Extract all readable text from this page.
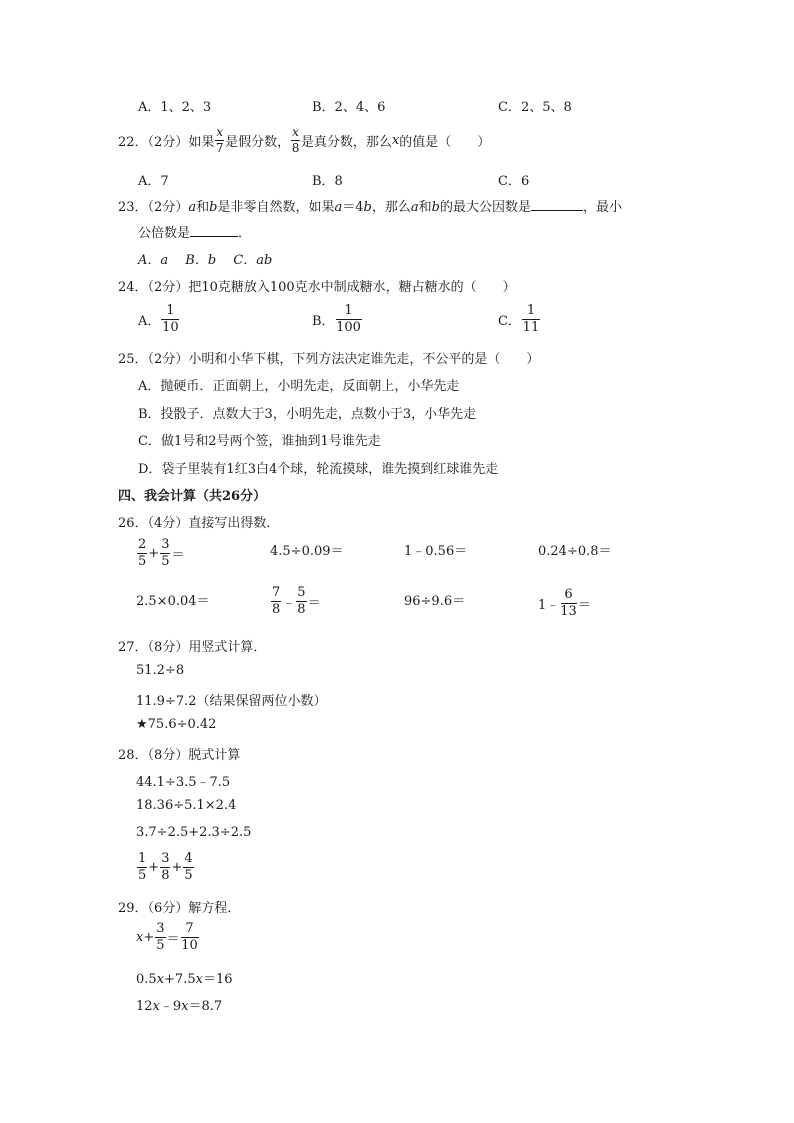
A．1、2、3	B．2、4、6	C．2、5、8
22．（2分）如果 $\frac{x}{7}$ 是假分数， $\frac{x}{8}$ 是真分数，那么 x 的值是（　　）
A．7	B．8	C．6
23．（2分）a和b是非零自然数，如果a＝4b，那么a和b的最大公因数是	，最小
公倍数是	．
A．a　 B．b　 C．ab
24．（2分）把10克糖放入100克水中制成糖水，糖占糖水的（　　）
A． $\frac{1}{10}$	B． $\frac{1}{100}$	C． $\frac{1}{11}$
25．（2分）小明和小华下棋，下列方法决定谁先走，不公平的是（　　）
A．抛硬币．正面朝上，小明先走，反面朝上，小华先走
B．投骰子．点数大于3，小明先走，点数小于3，小华先走
C．做1号和2号两个签，谁抽到1号谁先走
D．袋子里装有1红3白4个球，轮流摸球，谁先摸到红球谁先走
四、我会计算（共26分）
26．（4分）直接写出得数．
$\frac{2}{5} + \frac{3}{5}$ ＝	4.5÷0.09＝	1﹣0.56＝	0.24÷0.8＝
2.5×0.04＝	$\frac{7}{8}$ ﹣ $\frac{5}{8}$ ＝	96÷9.6＝	1﹣ $\frac{6}{13}$ ＝
27．（8分）用竖式计算．
51.2÷8
11.9÷7.2（结果保留两位小数）
★75.6÷0.42
28．（8分）脱式计算
44.1÷3.5﹣7.5
18.36÷5.1×2.4
3.7÷2.5+2.3÷2.5
$\frac{1}{5} + \frac{3}{8} + \frac{4}{5}$
29．（6分）解方程．
$x + \frac{3}{5} = \frac{7}{10}$
0.5x+7.5x＝16
12x﹣9x＝8.7
